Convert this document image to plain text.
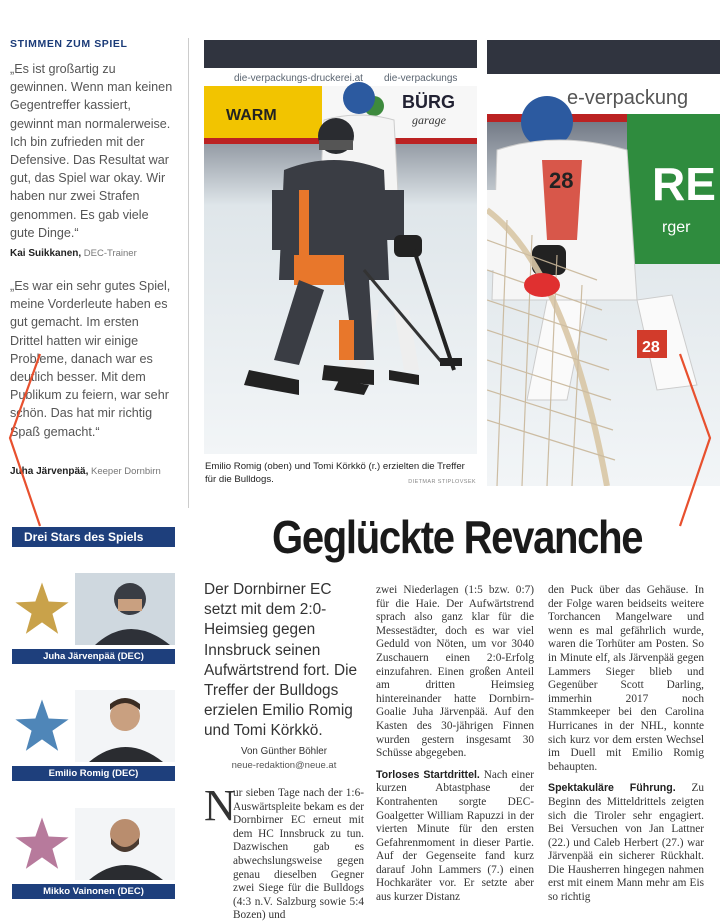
STIMMEN ZUM SPIEL
„Es ist großartig zu gewinnen. Wenn man keinen Gegentreffer kassiert, gewinnt man normalerweise. Ich bin zufrieden mit der Defensive. Das Resultat war gut, das Spiel war okay. Wir haben nur zwei Strafen genommen. Es gab viele gute Dinge.“
Kai Suikkanen, DEC-Trainer
„Es war ein sehr gutes Spiel, meine Vorderleute haben es gut gemacht. Im ersten Drittel hatten wir einige Probleme, danach war es deutlich besser. Mit dem Publikum zu feiern, war sehr schön. Das hat mir richtig Spaß gemacht.“
Juha Järvenpää, Keeper Dornbirn
die-verpackungs-druckerei.at die-verpackungs
WARM
BÜRG
garage
e-verpackung
RE
rger
28
28
Emilio Romig (oben) und Tomi Körkkö (r.) erzielten die Treffer für die Bulldogs.	DIETMAR STIPLOVSEK
Geglückte Revanche
Drei Stars des Spiels
Juha Järvenpää (DEC)
Emilio Romig (DEC)
Mikko Vainonen (DEC)
Der Dornbirner EC setzt mit dem 2:0-Heimsieg gegen Innsbruck seinen Aufwärtstrend fort. Die Treffer der Bulldogs erzielen Emilio Romig und Tomi Körkkö.
Von Günther Böhler
neue-redaktion@neue.at
N
ur sieben Tage nach der 1:6-Auswärtspleite bekam es der Dornbirner EC erneut mit dem HC Innsbruck zu tun. Dazwischen gab es abwechslungsweise gegen genau dieselben Gegner zwei Siege für die Bulldogs (4:3 n.V. Salzburg sowie 5:4 Bozen) und
zwei Niederlagen (1:5 bzw. 0:7) für die Haie. Der Aufwärtstrend sprach also ganz klar für die Messestädter, doch es war viel Geduld von Nöten, um vor 3040 Zuschauern einen 2:0-Erfolg einzufahren. Einen großen Anteil am dritten Heimsieg hintereinander hatte Dornbirn-Goalie Juha Järvenpää. Auf den Kasten des 30-jährigen Finnen wurden gestern insgesamt 30 Schüsse abgegeben.
Torloses Startdrittel. Nach einer kurzen Abtastphase der Kontrahenten sorgte DEC-Goalgetter William Rapuzzi in der vierten Minute für den ersten Gefahrenmoment in dieser Partie. Auf der Gegenseite fand kurz darauf John Lammers (7.) einen Hochkaräter vor. Er setzte aber aus kurzer Distanz
den Puck über das Gehäuse. In der Folge waren beidseits weitere Torchancen Mangelware und wenn es mal gefährlich wurde, waren die Torhüter am Posten. So in Minute elf, als Järvenpää gegen Lammers Sieger blieb und Gegenüber Scott Darling, immerhin 2017 noch Stammkeeper bei den Carolina Hurricanes in der NHL, konnte sich kurz vor dem ersten Wechsel im Duell mit Emilio Romig behaupten.
Spektakuläre Führung. Zu Beginn des Mitteldrittels zeigten sich die Tiroler sehr engagiert. Bei Versuchen von Jan Lattner (22.) und Caleb Herbert (27.) war Järvenpää ein sicherer Rückhalt. Die Hausherren hingegen nahmen erst mit einem Mann mehr am Eis so richtig
